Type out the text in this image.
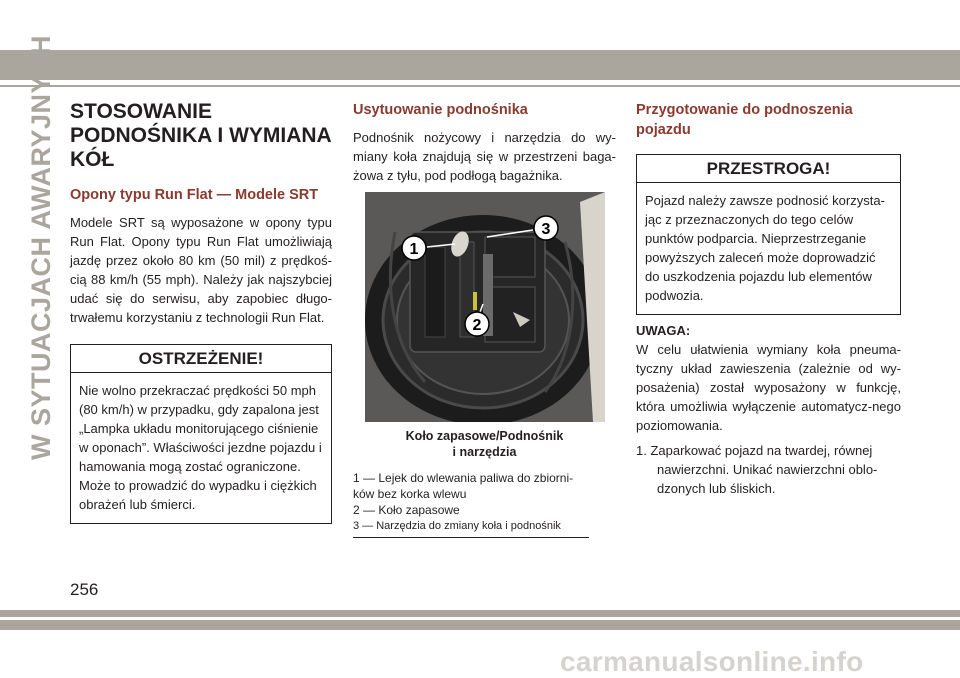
W SYTUACJACH AWARYJNYCH STOSOWANIE
PODNOŚNIKA I WYMIANA
KÓŁ
Opony typu Run Flat — Modele SRT

Modele SRT są wyposażone w opony typu Run Flat. Opony typu Run Flat umożliwiają jazdę przez około 80 km (50 mil) z prędkoś-cią 88 km/h (55 mph). Należy jak najszybciej udać się do serwisu, aby zapobiec długo-trwałemu korzystaniu z technologii Run Flat.

OSTRZEŻENIE!
Nie wolno przekraczać prędkości 50 mph (80 km/h) w przypadku, gdy zapalona jest „Lampka układu monitorującego ciśnienie w oponach”. Właściwości jezdne pojazdu i hamowania mogą zostać ograniczone. Może to prowadzić do wypadku i ciężkich obrażeń lub śmierci.
Usytuowanie podnośnika

Podnośnik nożycowy i narzędzia do wy-miany koła znajdują się w przestrzeni baga-żowa z tyłu, pod podłogą bagażnika.

1
2
3
Koło zapasowe/Podnośnik
i narzędzia
1 — Lejek do wlewania paliwa do zbiorni-
ków bez korka wlewu
2 — Koło zapasowe
3 — Narzędzia do zmiany koła i podnośnik
Przygotowanie do podnoszenia
pojazdu
PRZESTROGA!
Pojazd należy zawsze podnosić korzysta-jąc z przeznaczonych do tego celów punktów podparcia. Nieprzestrzeganie powyższych zaleceń może doprowadzić do uszkodzenia pojazdu lub elementów podwozia.
UWAGA:

W celu ułatwienia wymiany koła pneuma-tyczny układ zawieszenia (zależnie od wy-posażenia) został wyposażony w funkcję, która umożliwia wyłączenie automatycz-nego poziomowania.

1. Zaparkować pojazd na twardej, równej nawierzchni. Unikać nawierzchni oblo-dzonych lub śliskich.
256
carmanualsonline.info
